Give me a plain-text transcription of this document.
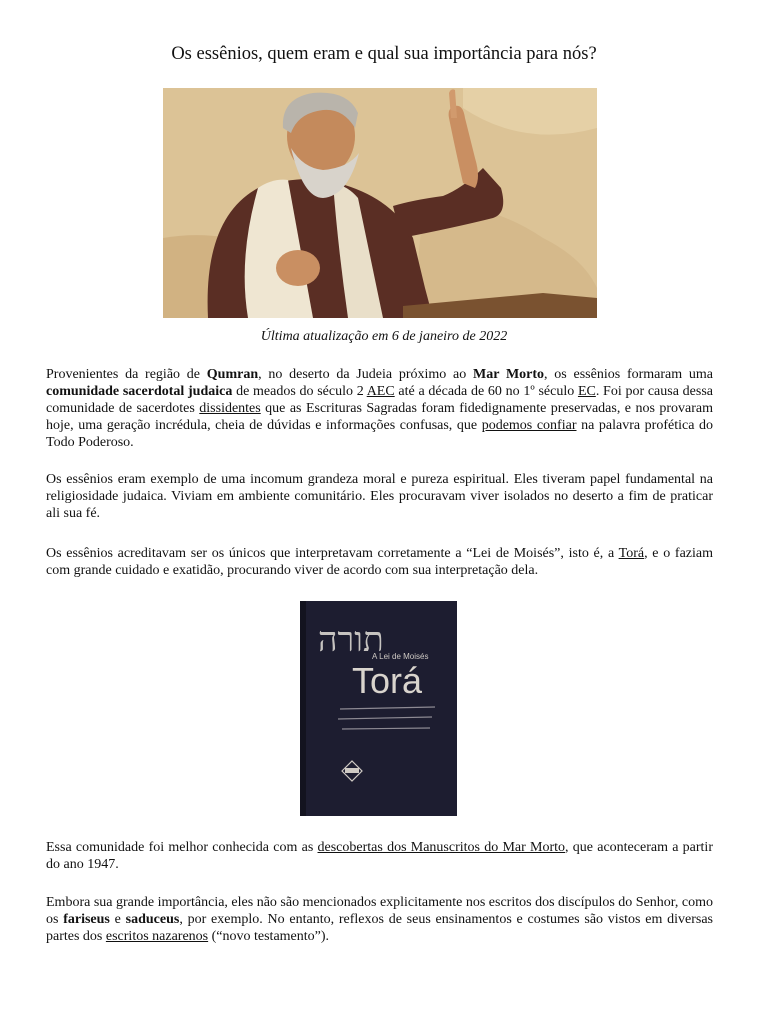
Os essênios, quem eram e qual sua importância para nós?
Última atualização em 6 de janeiro de 2022

Provenientes da região de Qumran, no deserto da Judeia próximo ao Mar Morto, os essênios formaram uma comunidade sacerdotal judaica de meados do século 2 AEC até a década de 60 no 1º século EC. Foi por causa dessa comunidade de sacerdotes dissidentes que as Escrituras Sagradas foram fidedignamente preservadas, e nos provaram hoje, uma geração incrédula, cheia de dúvidas e informações confusas, que podemos confiar na palavra profética do Todo Poderoso.

Os essênios eram exemplo de uma incomum grandeza moral e pureza espiritual. Eles tiveram papel fundamental na religiosidade judaica. Viviam em ambiente comunitário. Eles procuravam viver isolados no deserto a fim de praticar ali sua fé.

Os essênios acreditavam ser os únicos que interpretavam corretamente a “Lei de Moisés”, isto é, a Torá, e o faziam com grande cuidado e exatidão, procurando viver de acordo com sua interpretação dela.

תורה
A Lei de Moisés
Torá

Essa comunidade foi melhor conhecida com as descobertas dos Manuscritos do Mar Morto, que aconteceram a partir do ano 1947.

Embora sua grande importância, eles não são mencionados explicitamente nos escritos dos discípulos do Senhor, como os fariseus e saduceus, por exemplo. No entanto, reflexos de seus ensinamentos e costumes são vistos em diversas partes dos escritos nazarenos (“novo testamento”).
